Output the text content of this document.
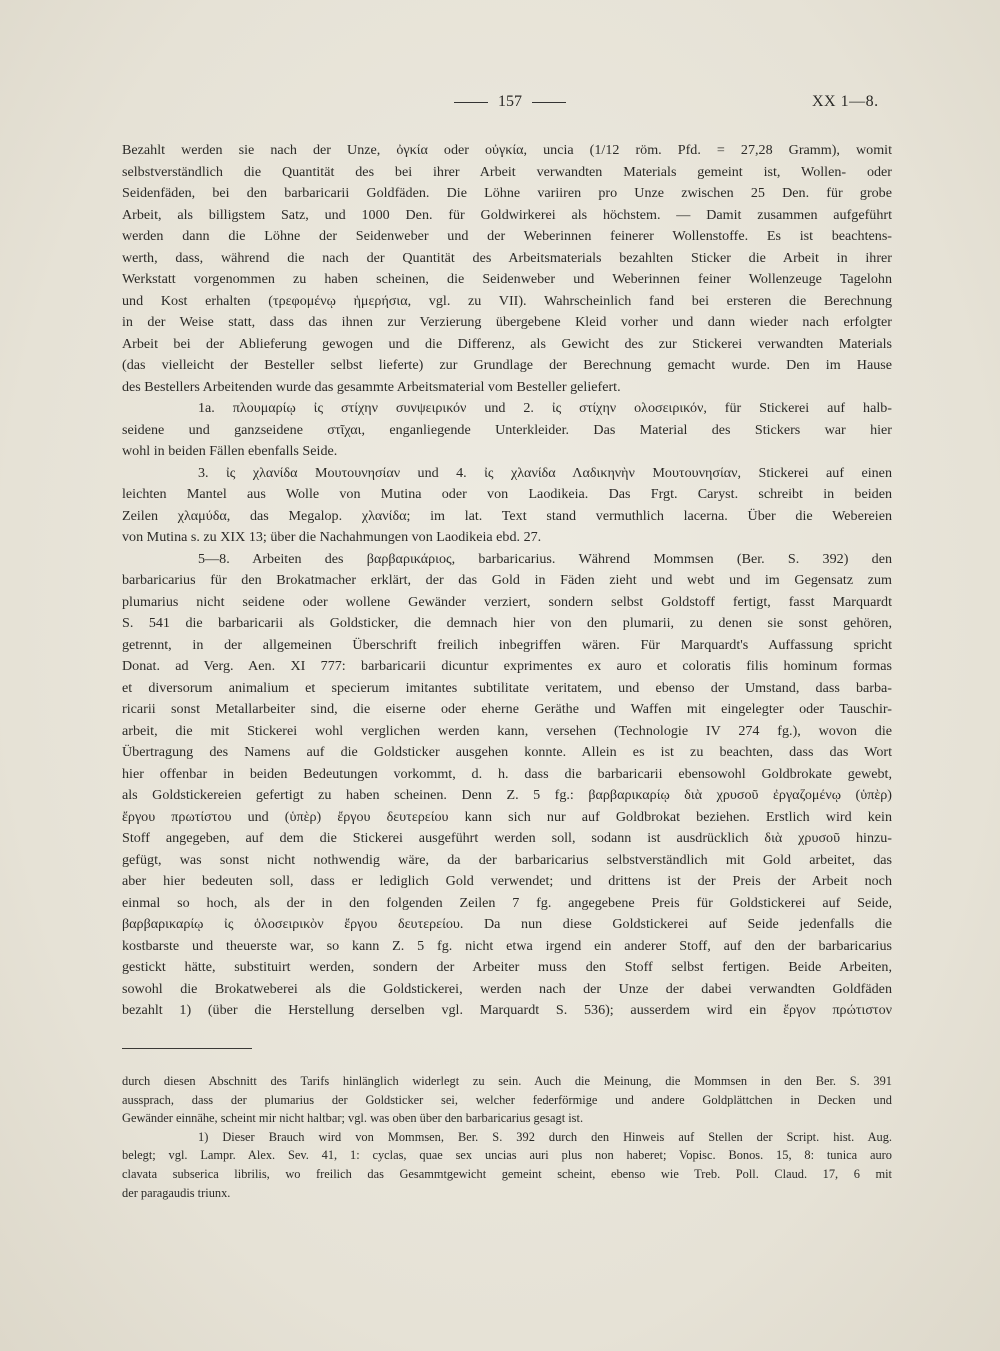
157	XX 1—8.
Bezahlt werden sie nach der Unze, ὀγκία oder οὐγκία, uncia (1/12 röm. Pfd. = 27,28 Gramm), womit
selbstverständlich die Quantität des bei ihrer Arbeit verwandten Materials gemeint ist, Wollen- oder
Seidenfäden, bei den barbaricarii Goldfäden. Die Löhne variiren pro Unze zwischen 25 Den. für grobe
Arbeit, als billigstem Satz, und 1000 Den. für Goldwirkerei als höchstem. — Damit zusammen aufgeführt
werden dann die Löhne der Seidenweber und der Weberinnen feinerer Wollenstoffe. Es ist beachtens-
werth, dass, während die nach der Quantität des Arbeitsmaterials bezahlten Sticker die Arbeit in ihrer
Werkstatt vorgenommen zu haben scheinen, die Seidenweber und Weberinnen feiner Wollenzeuge Tagelohn
und Kost erhalten (τρεφομένῳ ἡμερήσια, vgl. zu VII). Wahrscheinlich fand bei ersteren die Berechnung
in der Weise statt, dass das ihnen zur Verzierung übergebene Kleid vorher und dann wieder nach erfolgter
Arbeit bei der Ablieferung gewogen und die Differenz, als Gewicht des zur Stickerei verwandten Materials
(das vielleicht der Besteller selbst lieferte) zur Grundlage der Berechnung gemacht wurde. Den im Hause
des Bestellers Arbeitenden wurde das gesammte Arbeitsmaterial vom Besteller geliefert.
1a. πλουμαρίῳ ἰς στίχην συνψειρικόν und 2. ἰς στίχην ολοσειρικόν, für Stickerei auf halb-
seidene und ganzseidene στῖχαι, enganliegende Unterkleider. Das Material des Stickers war hier
wohl in beiden Fällen ebenfalls Seide.
3. ἰς χλανίδα Μουτουνησίαν und 4. ἰς χλανίδα Λαδικηνὴν Μουτουνησίαν, Stickerei auf einen
leichten Mantel aus Wolle von Mutina oder von Laodikeia. Das Frgt. Caryst. schreibt in beiden
Zeilen χλαμύδα, das Megalop. χλανίδα; im lat. Text stand vermuthlich lacerna. Über die Webereien
von Mutina s. zu XIX 13; über die Nachahmungen von Laodikeia ebd. 27.
5—8. Arbeiten des βαρβαρικάριος, barbaricarius. Während Mommsen (Ber. S. 392) den
barbaricarius für den Brokatmacher erklärt, der das Gold in Fäden zieht und webt und im Gegensatz zum
plumarius nicht seidene oder wollene Gewänder verziert, sondern selbst Goldstoff fertigt, fasst Marquardt
S. 541 die barbaricarii als Goldsticker, die demnach hier von den plumarii, zu denen sie sonst gehören,
getrennt, in der allgemeinen Überschrift freilich inbegriffen wären. Für Marquardt's Auffassung spricht
Donat. ad Verg. Aen. XI 777: barbaricarii dicuntur exprimentes ex auro et coloratis filis hominum formas
et diversorum animalium et specierum imitantes subtilitate veritatem, und ebenso der Umstand, dass barba-
ricarii sonst Metallarbeiter sind, die eiserne oder eherne Geräthe und Waffen mit eingelegter oder Tauschir-
arbeit, die mit Stickerei wohl verglichen werden kann, versehen (Technologie IV 274 fg.), wovon die
Übertragung des Namens auf die Goldsticker ausgehen konnte. Allein es ist zu beachten, dass das Wort
hier offenbar in beiden Bedeutungen vorkommt, d. h. dass die barbaricarii ebensowohl Goldbrokate gewebt,
als Goldstickereien gefertigt zu haben scheinen. Denn Z. 5 fg.: βαρβαρικαρίῳ διὰ χρυσοῦ ἐργαζομένῳ (ὑπὲρ)
ἔργου πρωτίστου und (ὑπὲρ) ἔργου δευτερείου kann sich nur auf Goldbrokat beziehen. Erstlich wird kein
Stoff angegeben, auf dem die Stickerei ausgeführt werden soll, sodann ist ausdrücklich διὰ χρυσοῦ hinzu-
gefügt, was sonst nicht nothwendig wäre, da der barbaricarius selbstverständlich mit Gold arbeitet, das
aber hier bedeuten soll, dass er lediglich Gold verwendet; und drittens ist der Preis der Arbeit noch
einmal so hoch, als der in den folgenden Zeilen 7 fg. angegebene Preis für Goldstickerei auf Seide,
βαρβαρικαρίῳ ἰς ὁλοσειρικὸν ἔργου δευτερείου. Da nun diese Goldstickerei auf Seide jedenfalls die
kostbarste und theuerste war, so kann Z. 5 fg. nicht etwa irgend ein anderer Stoff, auf den der barbaricarius
gestickt hätte, substituirt werden, sondern der Arbeiter muss den Stoff selbst fertigen. Beide Arbeiten,
sowohl die Brokatweberei als die Goldstickerei, werden nach der Unze der dabei verwandten Goldfäden
bezahlt 1) (über die Herstellung derselben vgl. Marquardt S. 536); ausserdem wird ein ἔργον πρώτιστον
durch diesen Abschnitt des Tarifs hinlänglich widerlegt zu sein. Auch die Meinung, die Mommsen in den Ber. S. 391
aussprach, dass der plumarius der Goldsticker sei, welcher federförmige und andere Goldplättchen in Decken und
Gewänder einnähe, scheint mir nicht haltbar; vgl. was oben über den barbaricarius gesagt ist.
1) Dieser Brauch wird von Mommsen, Ber. S. 392 durch den Hinweis auf Stellen der Script. hist. Aug.
belegt; vgl. Lampr. Alex. Sev. 41, 1: cyclas, quae sex uncias auri plus non haberet; Vopisc. Bonos. 15, 8: tunica auro
clavata subserica librilis, wo freilich das Gesammtgewicht gemeint scheint, ebenso wie Treb. Poll. Claud. 17, 6 mit
der paragaudis triunx.
